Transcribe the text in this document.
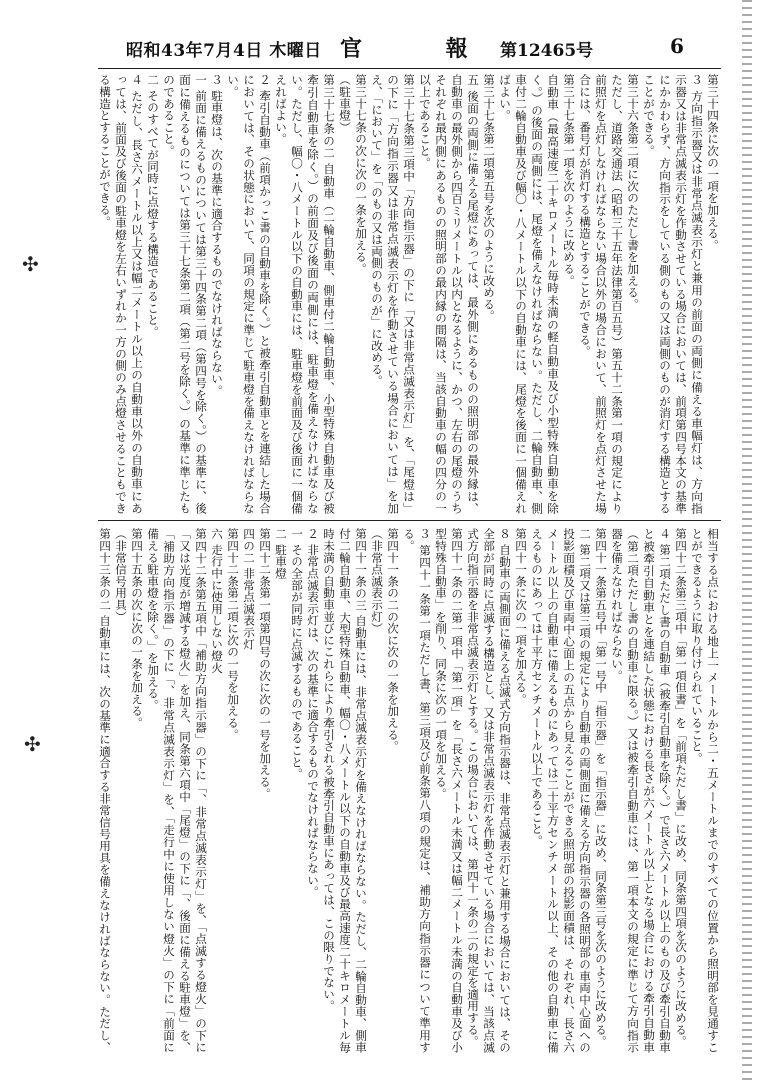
昭和43年7月4日 木曜日 官 報
第12465号	6

第三十四条に次の一項を加える。

３ 方向指示器又は非常点滅表示灯と兼用の前面の両側に備える車幅灯は、方向指示器又は非常点滅表示灯を作動させている場合においては、前項第四号本文の基準にかかわらず、方向指示をしている側のもの又は両側のものが消灯する構造とすることができる。

第三十六条第二項に次のただし書を加える。

ただし、道路交通法（昭和三十五年法律第百五号）第五十二条第一項の規定により前照灯を点灯しなければならない場合以外の場合において、前照灯を点灯させた場合には、番号灯が消灯する構造とすることができる。

第三十七条第一項を次のように改める。

自動車（最高速度二十キロメートル毎時未満の軽自動車及び小型特殊自動車を除く。）の後面の両側には、尾燈を備えなければならない。ただし、二輪自動車、側車付二輪自動車及び幅〇・八メートル以下の自動車には、尾燈を後面に一個備えればよい。

第三十七条第二項第五号を次のように改める。

五 後面の両側に備える尾燈にあっては、最外側にあるものの照明部の最外縁は、自動車の最外側から四百ミリメートル以内となるように、かつ、左右の尾燈のうちそれぞれ最内側にあるものの照明部の最内縁の間隔は、当該自動車の幅の四分の一以上であること。

第三十七条第三項中「方向指示器」の下に「又は非常点滅表示灯」を、「尾燈は」の下に「方向指示器又は非常点滅表示灯を作動させている場合においては」を加え、「において」を「のもの又は両側のものが」に改める。

第三十七条の次に次の一条を加える。

（駐車燈）

第三十七条の二 自動車（二輪自動車、側車付二輪自動車、小型特殊自動車及び被牽引自動車を除く。）の前面及び後面の両側には、駐車燈を備えなければならない。ただし、幅〇・八メートル以下の自動車には、駐車燈を前面及び後面に一個備えればよい。

２ 牽引自動車（前項かっこ書の自動車を除く。）と被牽引自動車とを連結した場合においては、その状態において、同項の規定に準じて駐車燈を備えなければならない。

３ 駐車燈は、次の基準に適合するものでなければならない。

一 前面に備えるものについては第三十四条第二項（第四号を除く。）の基準に、後面に備えるものについては第三十七条第二項（第二号を除く。）の基準に準じたものであること。

二 そのすべてが同時に点燈する構造であること。

４ ただし、長さ六メートル以上又は幅二メートル以上の自動車以外の自動車にあっては、前面及び後面の駐車燈を左右いずれか一方の側のみ点燈させることもできる構造とすることができる。

相当する点における地上一メートルから二・五メートルまでのすべての位置から照明部を見通すことができるように取り付けられていること。

第四十二条第三項中「第一項但書」を「前項ただし書」に改め、同条第四項を次のように改める。

４ 第二項ただし書の自動車（被牽引自動車を除く。）で長さ六メートル以上のもの及び牽引自動車と被牽引自動車とを連結した状態における長さが六メートル以上となる場合における牽引自動車（第二項ただし書の自動車に限る。）又は被牽引自動車には、第一項本文の規定に準じて方向指示器を備えなければならない。

第四十一条第五号中「第一号中「指示器」を「指示器」に改め、同条第三号を次のように改める。

二 第二項又は第三項の規定により自動車の両側面に備える方向指示器の各照明部の車両中心面への投影面積及び車両中心面上の五点から見えることができる照明部の投影面積は、それぞれ、長さ六メートル以上の自動車に備えるものにあっては二十平方センチメートル以上、その他の自動車に備えるものにあっては十平方センチメートル以上であること。

第四十一条に次の一項を加える。

８ 自動車の両側面に備える点滅式方向指示器は、非常点滅表示灯と兼用する場合においては、その全部が同時に点滅する構造とし、又は非常点滅表示灯を作動させている場合においては、当該点滅式方向指示器を非常点滅表示灯とする。この場合においては、第四十一条の二の規定を適用する。

第四十一条の二第一項中「第一項」を「長さ六メートル未満又は幅二メートル未満の自動車及び小型特殊自動車」を削り、同条に次の一項を加える。

３ 第四十一条第一項ただし書、第三項及び前条第八項の規定は、補助方向指示器について準用する。

第四十一条の二の次に次の一条を加える。

（非常点滅表示灯）

第四十一条の三 自動車には、非常点滅表示灯を備えなければならない。ただし、二輪自動車、側車付二輪自動車、大型特殊自動車、幅〇・八メートル以下の自動車及び最高速度二十キロメートル毎時未満の自動車並びにこれらにより牽引される被牽引自動車にあっては、この限りでない。

２ 非常点滅表示灯は、次の基準に適合するものでなければならない。

一 その全部が同時に点滅するものであること。

二 駐車燈

第四十二条第一項第四号の次に次の一号を加える。

四の二 非常点滅表示灯

第四十二条第二項に次の一号を加える。

六 走行中に使用しない燈火

第四十二条第五項中「補助方向指示器」の下に「、非常点滅表示灯」を、「点滅する燈火」の下に「又は光度が増減する燈火」を加え、同条第六項中「尾燈」の下に「、後面に備える駐車燈」を、「補助方向指示器」の下に「、非常点滅表示灯」を、「走行中に使用しない燈火」の下に「前面に備える駐車燈を除く。」を加える。

第四十五条の次に次の一条を加える。

（非常信号用具）

第四十三条の二 自動車には、次の基準に適合する非常信号用具を備えなければならない。ただし、

✣
✣
